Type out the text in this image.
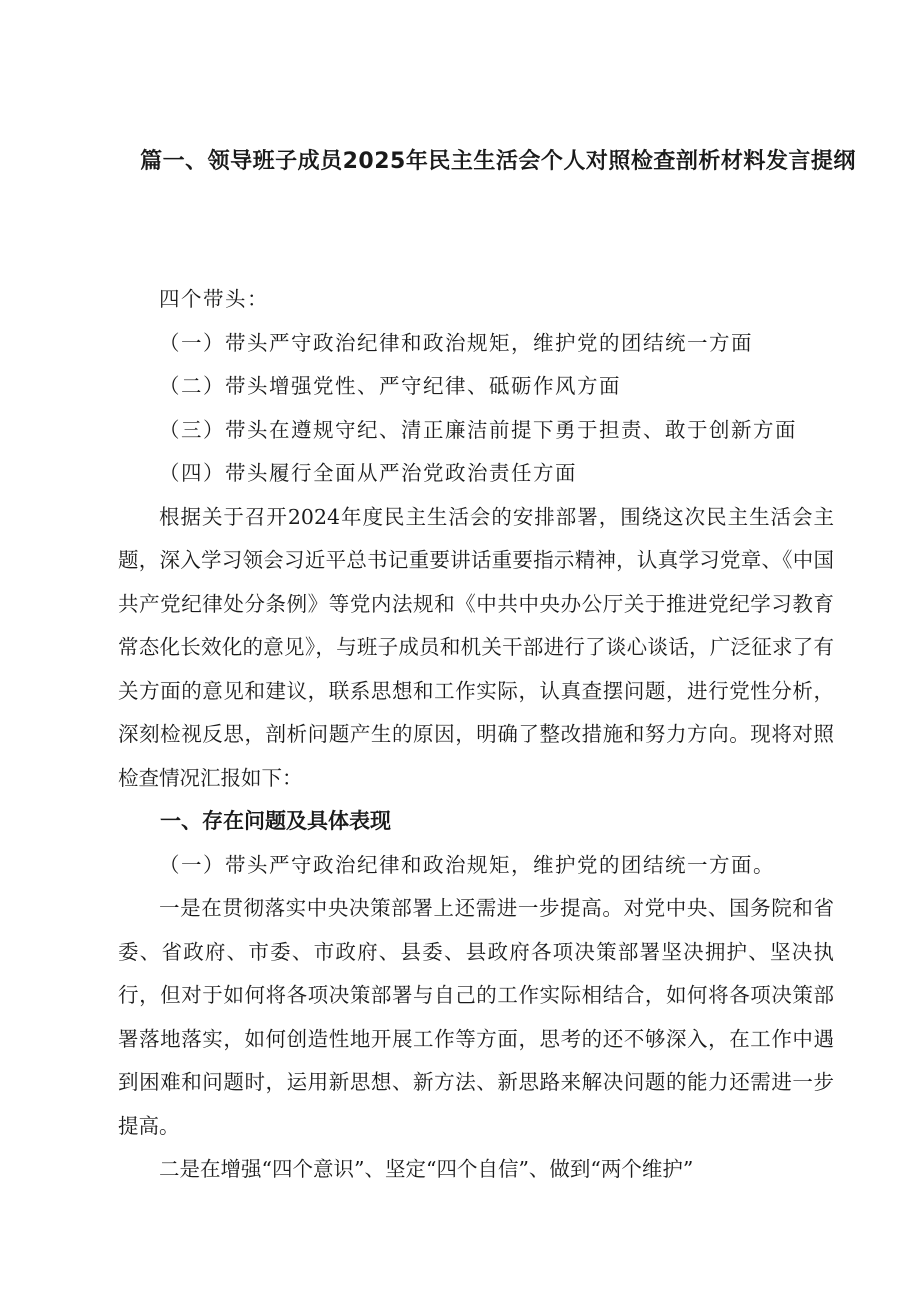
篇一、领导班子成员2025年民主生活会个人对照检查剖析材料发言提纲

四个带头：

（一）带头严守政治纪律和政治规矩，维护党的团结统一方面

（二）带头增强党性、严守纪律、砥砺作风方面

（三）带头在遵规守纪、清正廉洁前提下勇于担责、敢于创新方面

（四）带头履行全面从严治党政治责任方面

根据关于召开2024年度民主生活会的安排部署，围绕这次民主生活会主题，深入学习领会习近平总书记重要讲话重要指示精神，认真学习党章、《中国共产党纪律处分条例》等党内法规和《中共中央办公厅关于推进党纪学习教育常态化长效化的意见》，与班子成员和机关干部进行了谈心谈话，广泛征求了有关方面的意见和建议，联系思想和工作实际，认真查摆问题，进行党性分析，深刻检视反思，剖析问题产生的原因，明确了整改措施和努力方向。现将对照检查情况汇报如下：

一、存在问题及具体表现

（一）带头严守政治纪律和政治规矩，维护党的团结统一方面。

一是在贯彻落实中央决策部署上还需进一步提高。对党中央、国务院和省委、省政府、市委、市政府、县委、县政府各项决策部署坚决拥护、坚决执行，但对于如何将各项决策部署与自己的工作实际相结合，如何将各项决策部署落地落实，如何创造性地开展工作等方面，思考的还不够深入，在工作中遇到困难和问题时，运用新思想、新方法、新思路来解决问题的能力还需进一步提高。

二是在增强“四个意识”、坚定“四个自信”、做到“两个维护”
